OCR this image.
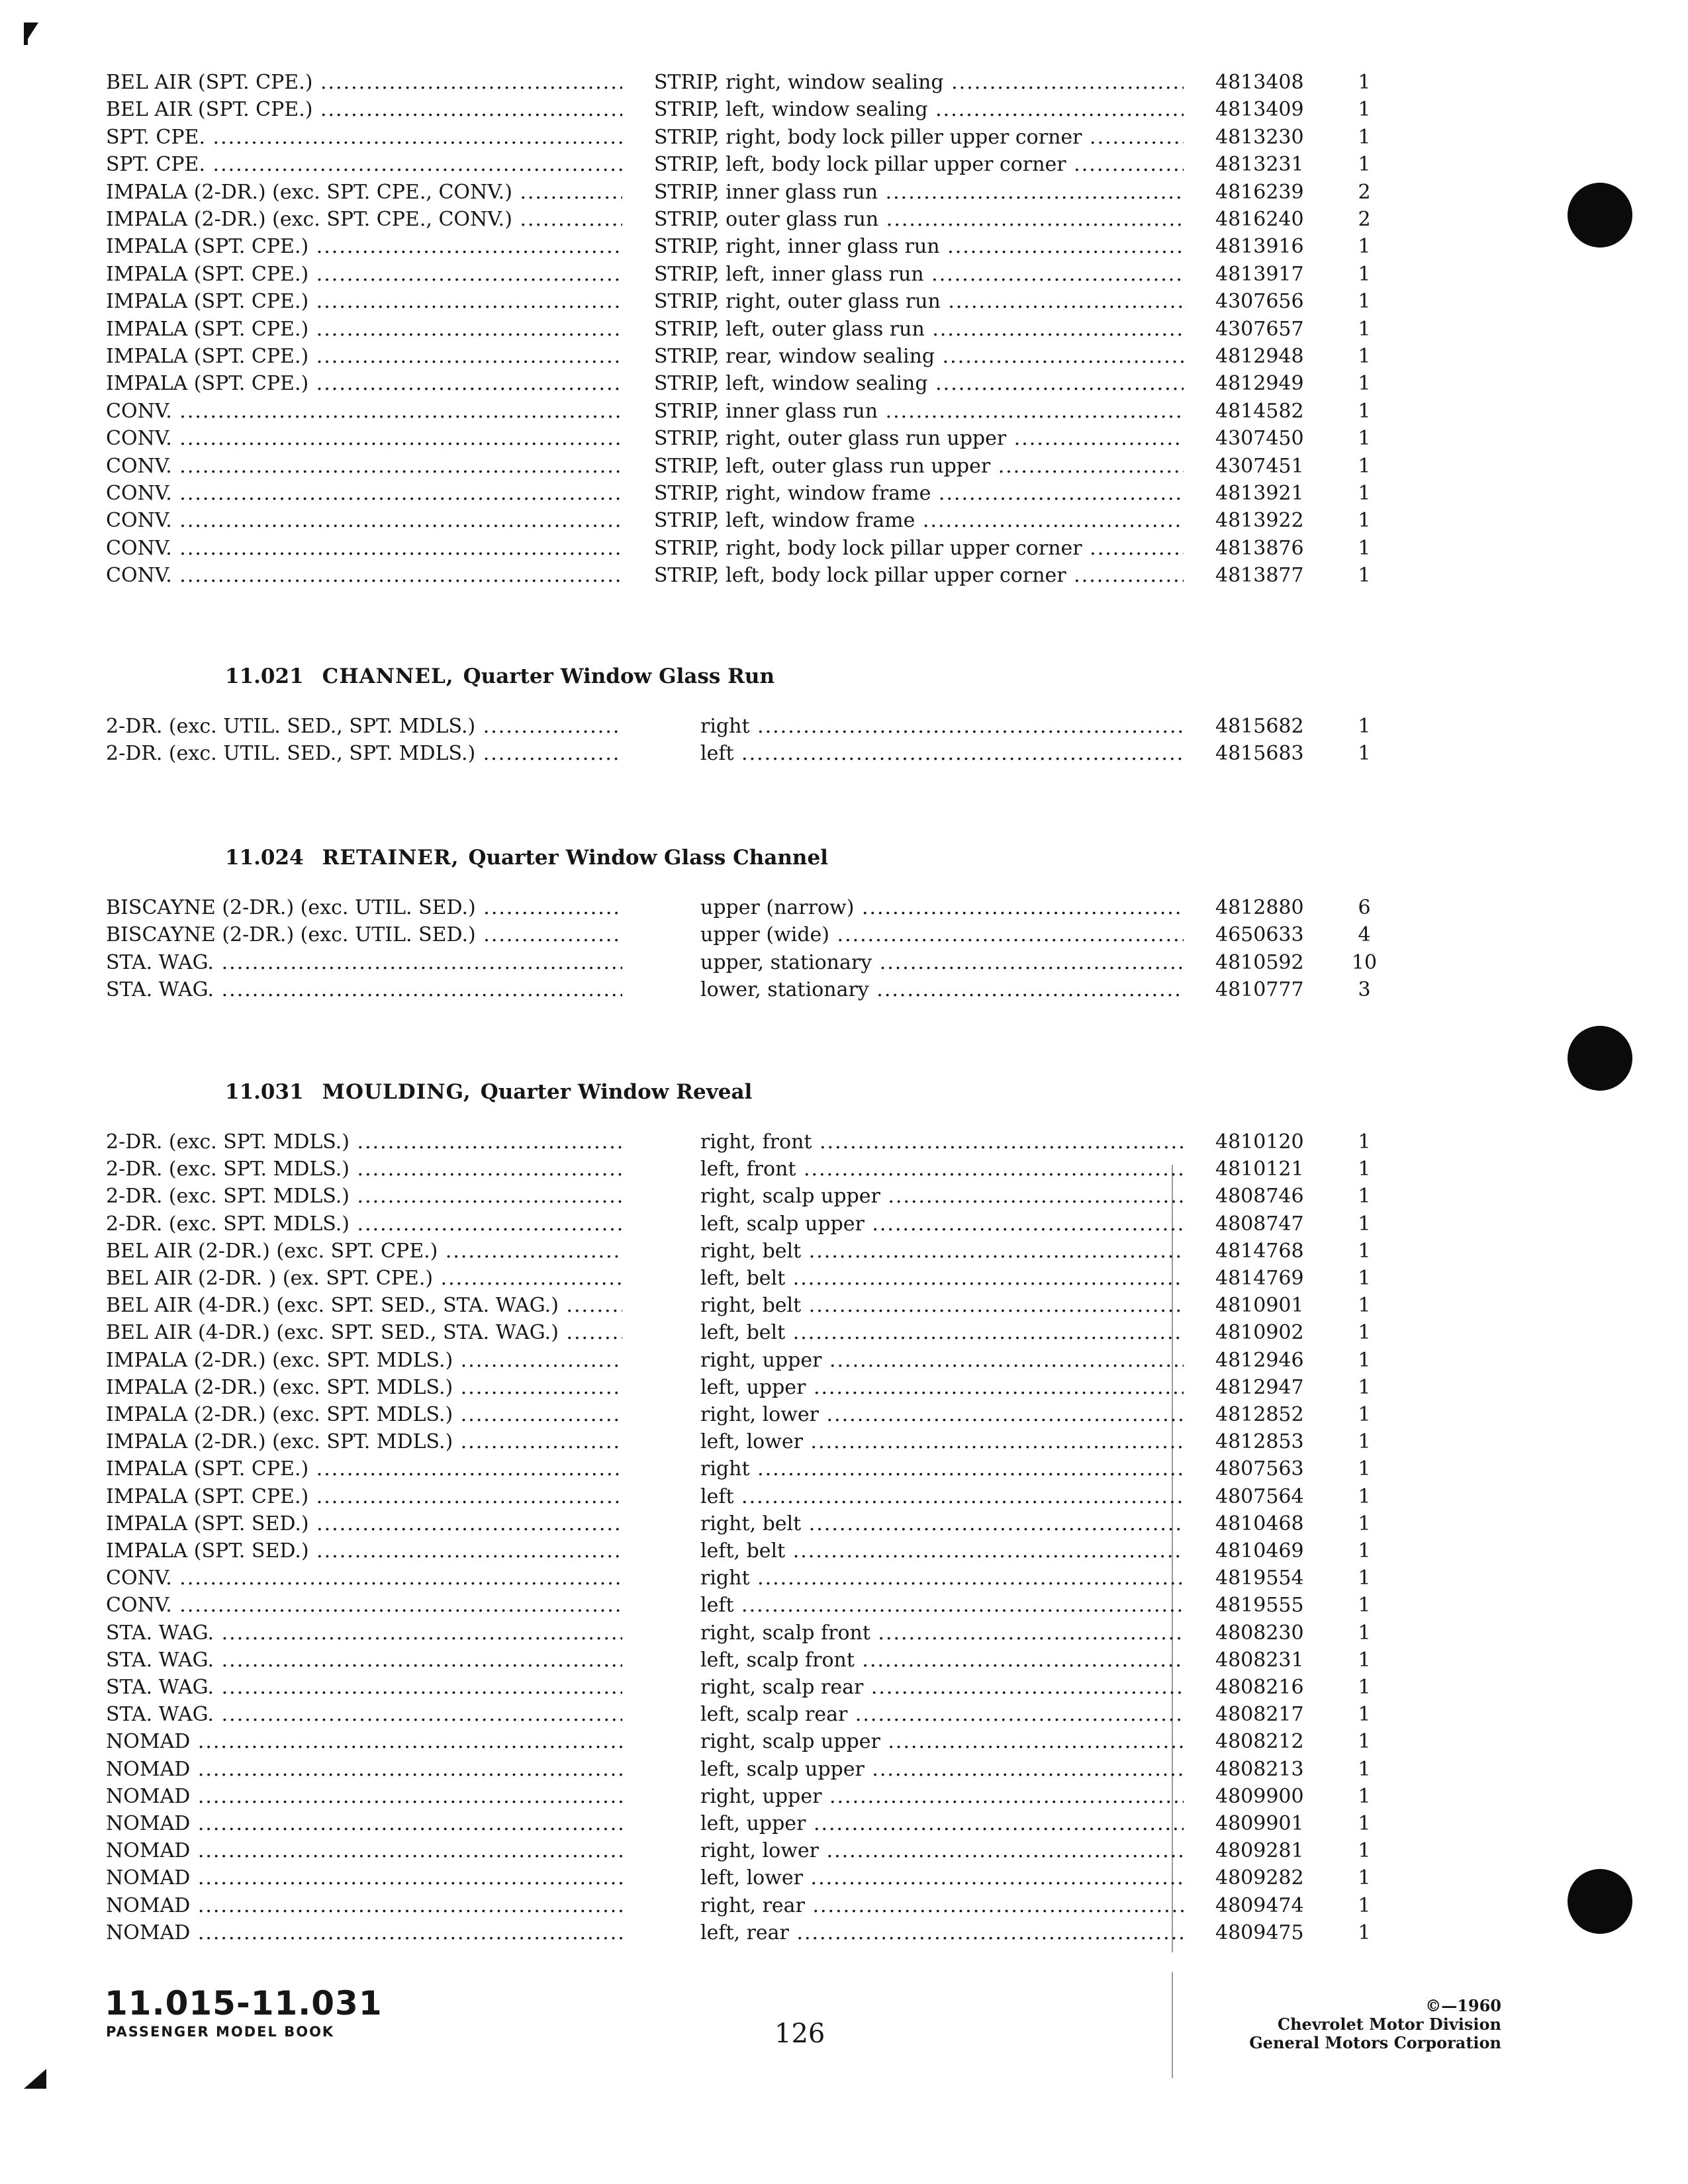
BEL AIR (SPT. CPE.) .....	STRIP, right, window sealing .....	4813408	1
BEL AIR (SPT. CPE.) .....	STRIP, left, window sealing .....	4813409	1
SPT. CPE. .....	STRIP, right, body lock piller upper corner .....	4813230	1
SPT. CPE. .....	STRIP, left, body lock pillar upper corner .....	4813231	1
IMPALA (2-DR.) (exc. SPT. CPE., CONV.) .....	STRIP, inner glass run .....	4816239	2
IMPALA (2-DR.) (exc. SPT. CPE., CONV.) .....	STRIP, outer glass run .....	4816240	2
IMPALA (SPT. CPE.) .....	STRIP, right, inner glass run .....	4813916	1
IMPALA (SPT. CPE.) .....	STRIP, left, inner glass run .....	4813917	1
IMPALA (SPT. CPE.) .....	STRIP, right, outer glass run .....	4307656	1
IMPALA (SPT. CPE.) .....	STRIP, left, outer glass run .....	4307657	1
IMPALA (SPT. CPE.) .....	STRIP, rear, window sealing .....	4812948	1
IMPALA (SPT. CPE.) .....	STRIP, left, window sealing .....	4812949	1
CONV. .....	STRIP, inner glass run .....	4814582	1
CONV. .....	STRIP, right, outer glass run upper .....	4307450	1
CONV. .....	STRIP, left, outer glass run upper .....	4307451	1
CONV. .....	STRIP, right, window frame .....	4813921	1
CONV. .....	STRIP, left, window frame .....	4813922	1
CONV. .....	STRIP, right, body lock pillar upper corner .....	4813876	1
CONV. .....	STRIP, left, body lock pillar upper corner .....	4813877	1
11.021 CHANNEL, Quarter Window Glass Run
2-DR. (exc. UTIL. SED., SPT. MDLS.) .....	right .....	4815682	1
2-DR. (exc. UTIL. SED., SPT. MDLS.) .....	left .....	4815683	1
11.024 RETAINER, Quarter Window Glass Channel
BISCAYNE (2-DR.) (exc. UTIL. SED.) .....	upper (narrow) .....	4812880	6
BISCAYNE (2-DR.) (exc. UTIL. SED.) .....	upper (wide) .....	4650633	4
STA. WAG. .....	upper, stationary .....	4810592	10
STA. WAG. .....	lower, stationary .....	4810777	3
11.031 MOULDING, Quarter Window Reveal
2-DR. (exc. SPT. MDLS.) .....	right, front .....	4810120	1
2-DR. (exc. SPT. MDLS.) .....	left, front .....	4810121	1
2-DR. (exc. SPT. MDLS.) .....	right, scalp upper .....	4808746	1
2-DR. (exc. SPT. MDLS.) .....	left, scalp upper .....	4808747	1
BEL AIR (2-DR.) (exc. SPT. CPE.) .....	right, belt .....	4814768	1
BEL AIR (2-DR. ) (ex. SPT. CPE.) .....	left, belt .....	4814769	1
BEL AIR (4-DR.) (exc. SPT. SED., STA. WAG.) .....	right, belt .....	4810901	1
BEL AIR (4-DR.) (exc. SPT. SED., STA. WAG.) .....	left, belt .....	4810902	1
IMPALA (2-DR.) (exc. SPT. MDLS.) .....	right, upper .....	4812946	1
IMPALA (2-DR.) (exc. SPT. MDLS.) .....	left, upper .....	4812947	1
IMPALA (2-DR.) (exc. SPT. MDLS.) .....	right, lower .....	4812852	1
IMPALA (2-DR.) (exc. SPT. MDLS.) .....	left, lower .....	4812853	1
IMPALA (SPT. CPE.) .....	right .....	4807563	1
IMPALA (SPT. CPE.) .....	left .....	4807564	1
IMPALA (SPT. SED.) .....	right, belt .....	4810468	1
IMPALA (SPT. SED.) .....	left, belt .....	4810469	1
CONV. .....	right .....	4819554	1
CONV. .....	left .....	4819555	1
STA. WAG. .....	right, scalp front .....	4808230	1
STA. WAG. .....	left, scalp front .....	4808231	1
STA. WAG. .....	right, scalp rear .....	4808216	1
STA. WAG. .....	left, scalp rear .....	4808217	1
NOMAD .....	right, scalp upper .....	4808212	1
NOMAD .....	left, scalp upper .....	4808213	1
NOMAD .....	right, upper .....	4809900	1
NOMAD .....	left, upper .....	4809901	1
NOMAD .....	right, lower .....	4809281	1
NOMAD .....	left, lower .....	4809282	1
NOMAD .....	right, rear .....	4809474	1
NOMAD .....	left, rear .....	4809475	1
11.015-11.031
PASSENGER MODEL BOOK	126
©—1960
Chevrolet Motor Division
General Motors Corporation
